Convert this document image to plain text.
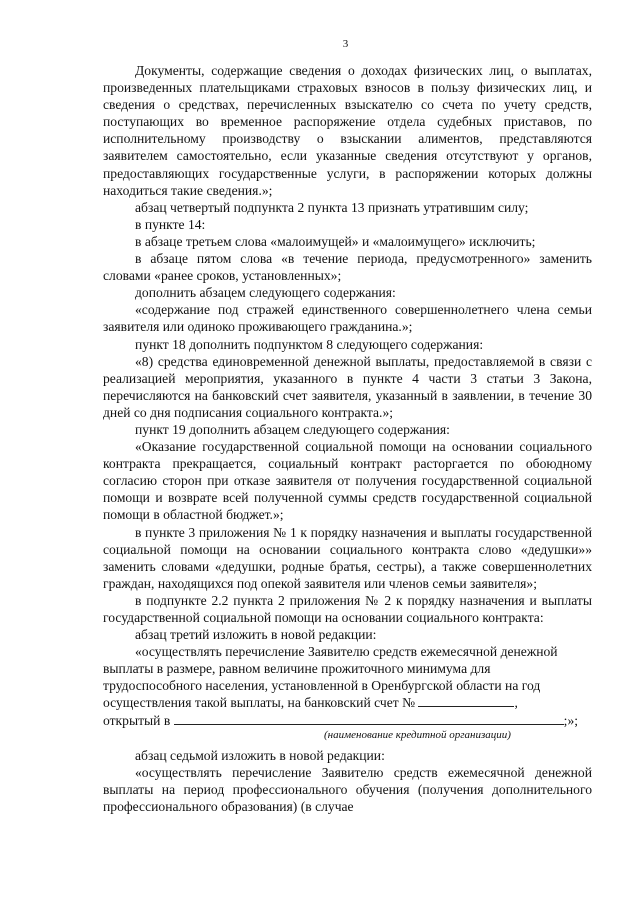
3

Документы, содержащие сведения о доходах физических лиц, о выплатах, произведенных плательщиками страховых взносов в пользу физических лиц, и сведения о средствах, перечисленных взыскателю со счета по учету средств, поступающих во временное распоряжение отдела судебных приставов, по исполнительному производству о взыскании алиментов, представляются заявителем самостоятельно, если указанные сведения отсутствуют у органов, предоставляющих государственные услуги, в распоряжении которых должны находиться такие сведения.»;

абзац четвертый подпункта 2 пункта 13 признать утратившим силу;

в пункте 14:

в абзаце третьем слова «малоимущей» и «малоимущего» исключить;

в абзаце пятом слова «в течение периода, предусмотренного» заменить словами «ранее сроков, установленных»;

дополнить абзацем следующего содержания:

«содержание под стражей единственного совершеннолетнего члена семьи заявителя или одиноко проживающего гражданина.»;

пункт 18 дополнить подпунктом 8 следующего содержания:

«8) средства единовременной денежной выплаты, предоставляемой в связи с реализацией мероприятия, указанного в пункте 4 части 3 статьи 3 Закона, перечисляются на банковский счет заявителя, указанный в заявлении, в течение 30 дней со дня подписания социального контракта.»;

пункт 19 дополнить абзацем следующего содержания:

«Оказание государственной социальной помощи на основании социального контракта прекращается, социальный контракт расторгается по обоюдному согласию сторон при отказе заявителя от получения государственной социальной помощи и возврате всей полученной суммы средств государственной социальной помощи в областной бюджет.»;

в пункте 3 приложения № 1 к порядку назначения и выплаты государственной социальной помощи на основании социального контракта слово «дедушки»» заменить словами «дедушки, родные братья, сестры), а также совершеннолетних граждан, находящихся под опекой заявителя или членов семьи заявителя»;

в подпункте 2.2 пункта 2 приложения № 2 к порядку назначения и выплаты государственной социальной помощи на основании социального контракта:

абзац третий изложить в новой редакции:

«осуществлять перечисление Заявителю средств ежемесячной денежной выплаты в размере, равном величине прожиточного минимума для трудоспособного населения, установленной в Оренбургской области на год осуществления такой выплаты, на банковский счет №	,

открытый в	;»;
(наименование кредитной организации)

абзац седьмой изложить в новой редакции:

«осуществлять перечисление Заявителю средств ежемесячной денежной выплаты на период профессионального обучения (получения дополнительного профессионального образования) (в случае
